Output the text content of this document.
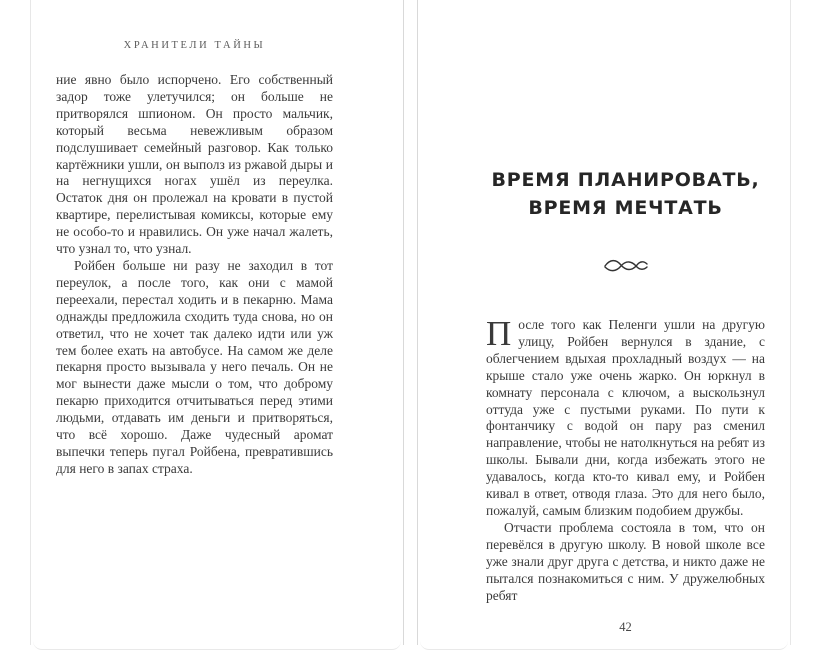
ХРАНИТЕЛИ ТАЙНЫ

ние явно было испорчено. Его собственный задор тоже улетучился; он больше не притворялся шпионом. Он просто мальчик, который весьма невежливым образом подслушивает семейный разговор. Как только картёжники ушли, он выполз из ржавой дыры и на негнущихся ногах ушёл из переулка. Остаток дня он пролежал на кровати в пустой квартире, перелистывая комиксы, которые ему не особо-то и нравились. Он уже начал жалеть, что узнал то, что узнал.

Ройбен больше ни разу не заходил в тот переулок, а после того, как они с мамой переехали, перестал ходить и в пекарню. Мама однажды предложила сходить туда снова, но он ответил, что не хочет так далеко идти или уж тем более ехать на автобусе. На самом же деле пекарня просто вызывала у него печаль. Он не мог вынести даже мысли о том, что доброму пекарю приходится отчитываться перед этими людьми, отдавать им деньги и притворяться, что всё хорошо. Даже чудесный аромат выпечки теперь пугал Ройбена, превратившись для него в запах страха.

ВРЕМЯ ПЛАНИРОВАТЬ,
ВРЕМЯ МЕЧТАТЬ

После того как Пеленги ушли на другую улицу, Ройбен вернулся в здание, с облегчением вдыхая прохладный воздух — на крыше стало уже очень жарко. Он юркнул в комнату персонала с ключом, а выскользнул оттуда уже с пустыми руками. По пути к фонтанчику с водой он пару раз сменил направление, чтобы не натолкнуться на ребят из школы. Бывали дни, когда избежать этого не удавалось, когда кто-то кивал ему, и Ройбен кивал в ответ, отводя глаза. Это для него было, пожалуй, самым близким подобием дружбы.

Отчасти проблема состояла в том, что он перевёлся в другую школу. В новой школе все уже знали друг друга с детства, и никто даже не пытался познакомиться с ним. У дружелюбных ребят

42
